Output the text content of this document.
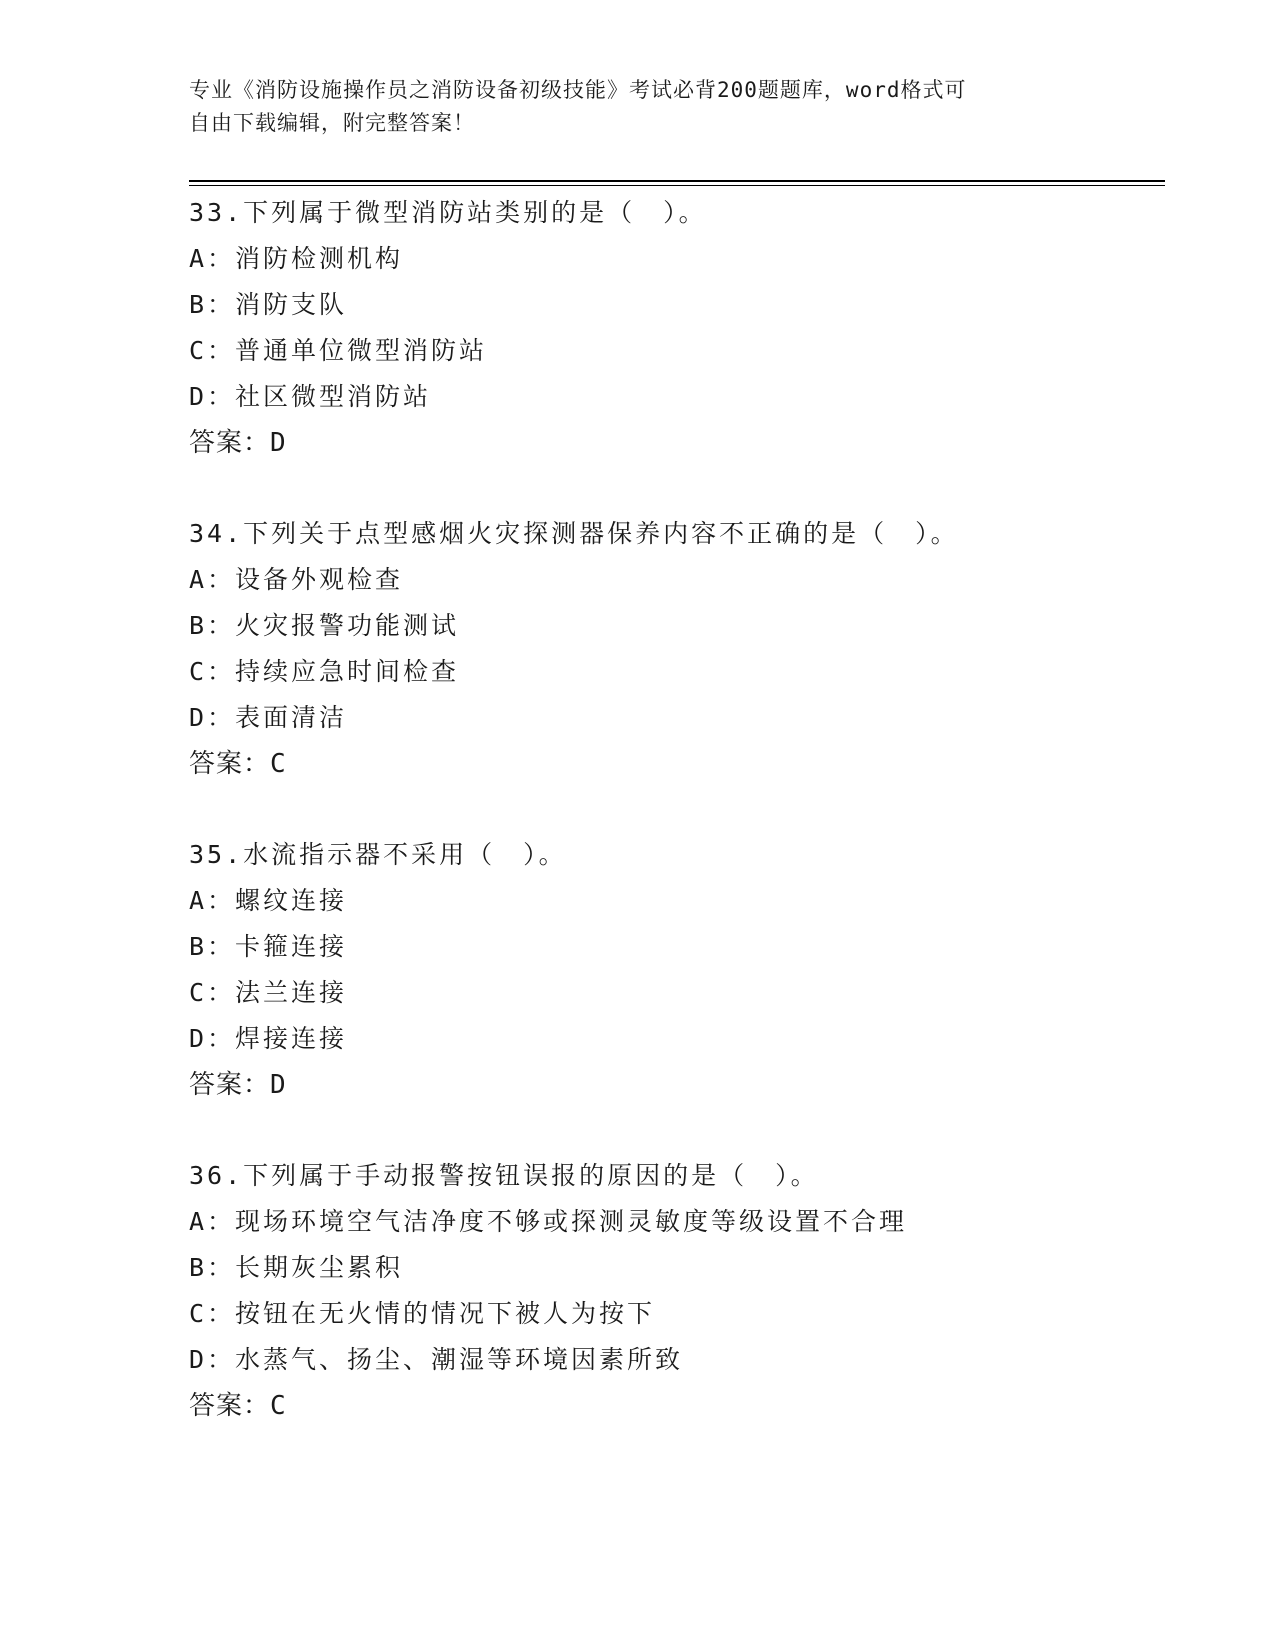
专业《消防设施操作员之消防设备初级技能》考试必背200题题库，word格式可
自由下载编辑，附完整答案！
33.下列属于微型消防站类别的是（　）。
A：消防检测机构
B：消防支队
C：普通单位微型消防站
D：社区微型消防站
答案：D
34.下列关于点型感烟火灾探测器保养内容不正确的是（　）。
A：设备外观检查
B：火灾报警功能测试
C：持续应急时间检查
D：表面清洁
答案：C
35.水流指示器不采用（　）。
A：螺纹连接
B：卡箍连接
C：法兰连接
D：焊接连接
答案：D
36.下列属于手动报警按钮误报的原因的是（　）。
A：现场环境空气洁净度不够或探测灵敏度等级设置不合理
B：长期灰尘累积
C：按钮在无火情的情况下被人为按下
D：水蒸气、扬尘、潮湿等环境因素所致
答案：C
